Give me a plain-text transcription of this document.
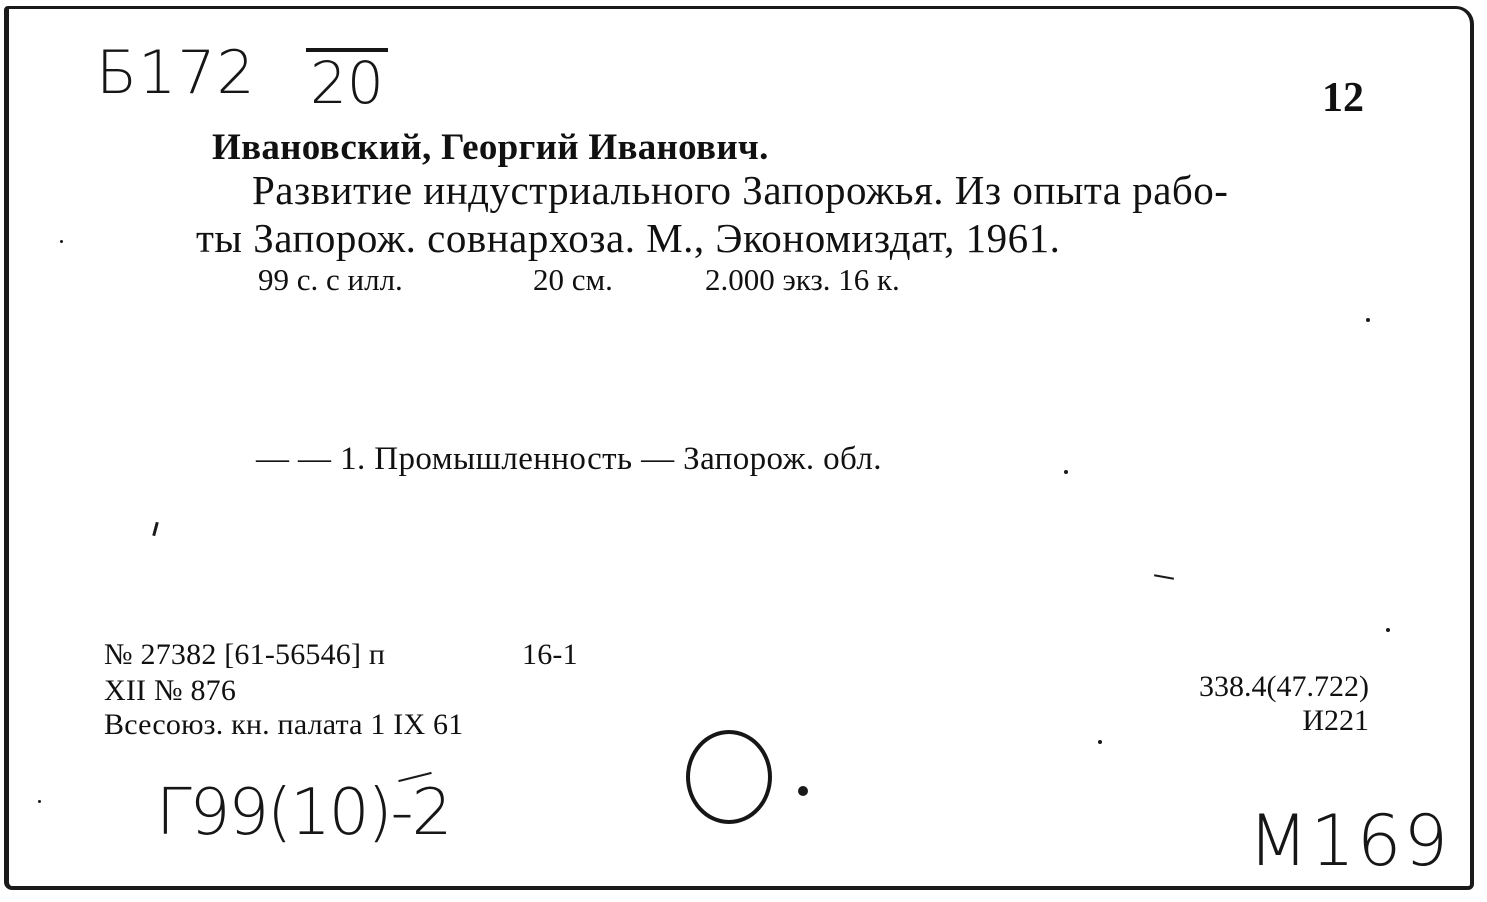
Б172 20	12
Ивановский, Георгий Иванович.
Развитие индустриального Запорожья. Из опыта рабо-
ты Запорож. совнархоза. М., Экономиздат, 1961.
99 с. с илл.	20 см.	2.000 экз. 16 к.
— — 1. Промышленность — Запорож. обл.
№ 27382 [61-56546] п	16-1
XII № 876
Всесоюз. кн. палата 1 IX 61
338.4(47.722)
И221
Г99(10)-2	M169
